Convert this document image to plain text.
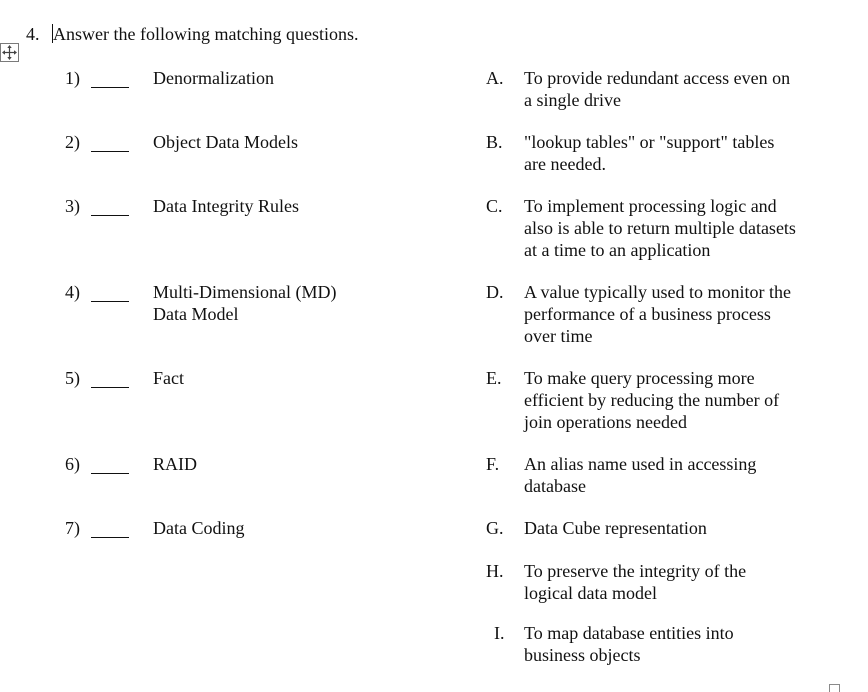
4. Answer the following matching questions.
1)	Denormalization
2)	Object Data Models
3)	Data Integrity Rules
4)	Multi-Dimensional (MD)
Data Model
5)	Fact
6)	RAID
7)	Data Coding
A.	To provide redundant access even on
a single drive
B.	"lookup tables" or "support" tables
are needed.
C.	To implement processing logic and
also is able to return multiple datasets
at a time to an application
D.	A value typically used to monitor the
performance of a business process
over time
E.	To make query processing more
efficient by reducing the number of
join operations needed
F.	An alias name used in accessing
database
G.	Data Cube representation
H.	To preserve the integrity of the
logical data model
I.	To map database entities into
business objects
